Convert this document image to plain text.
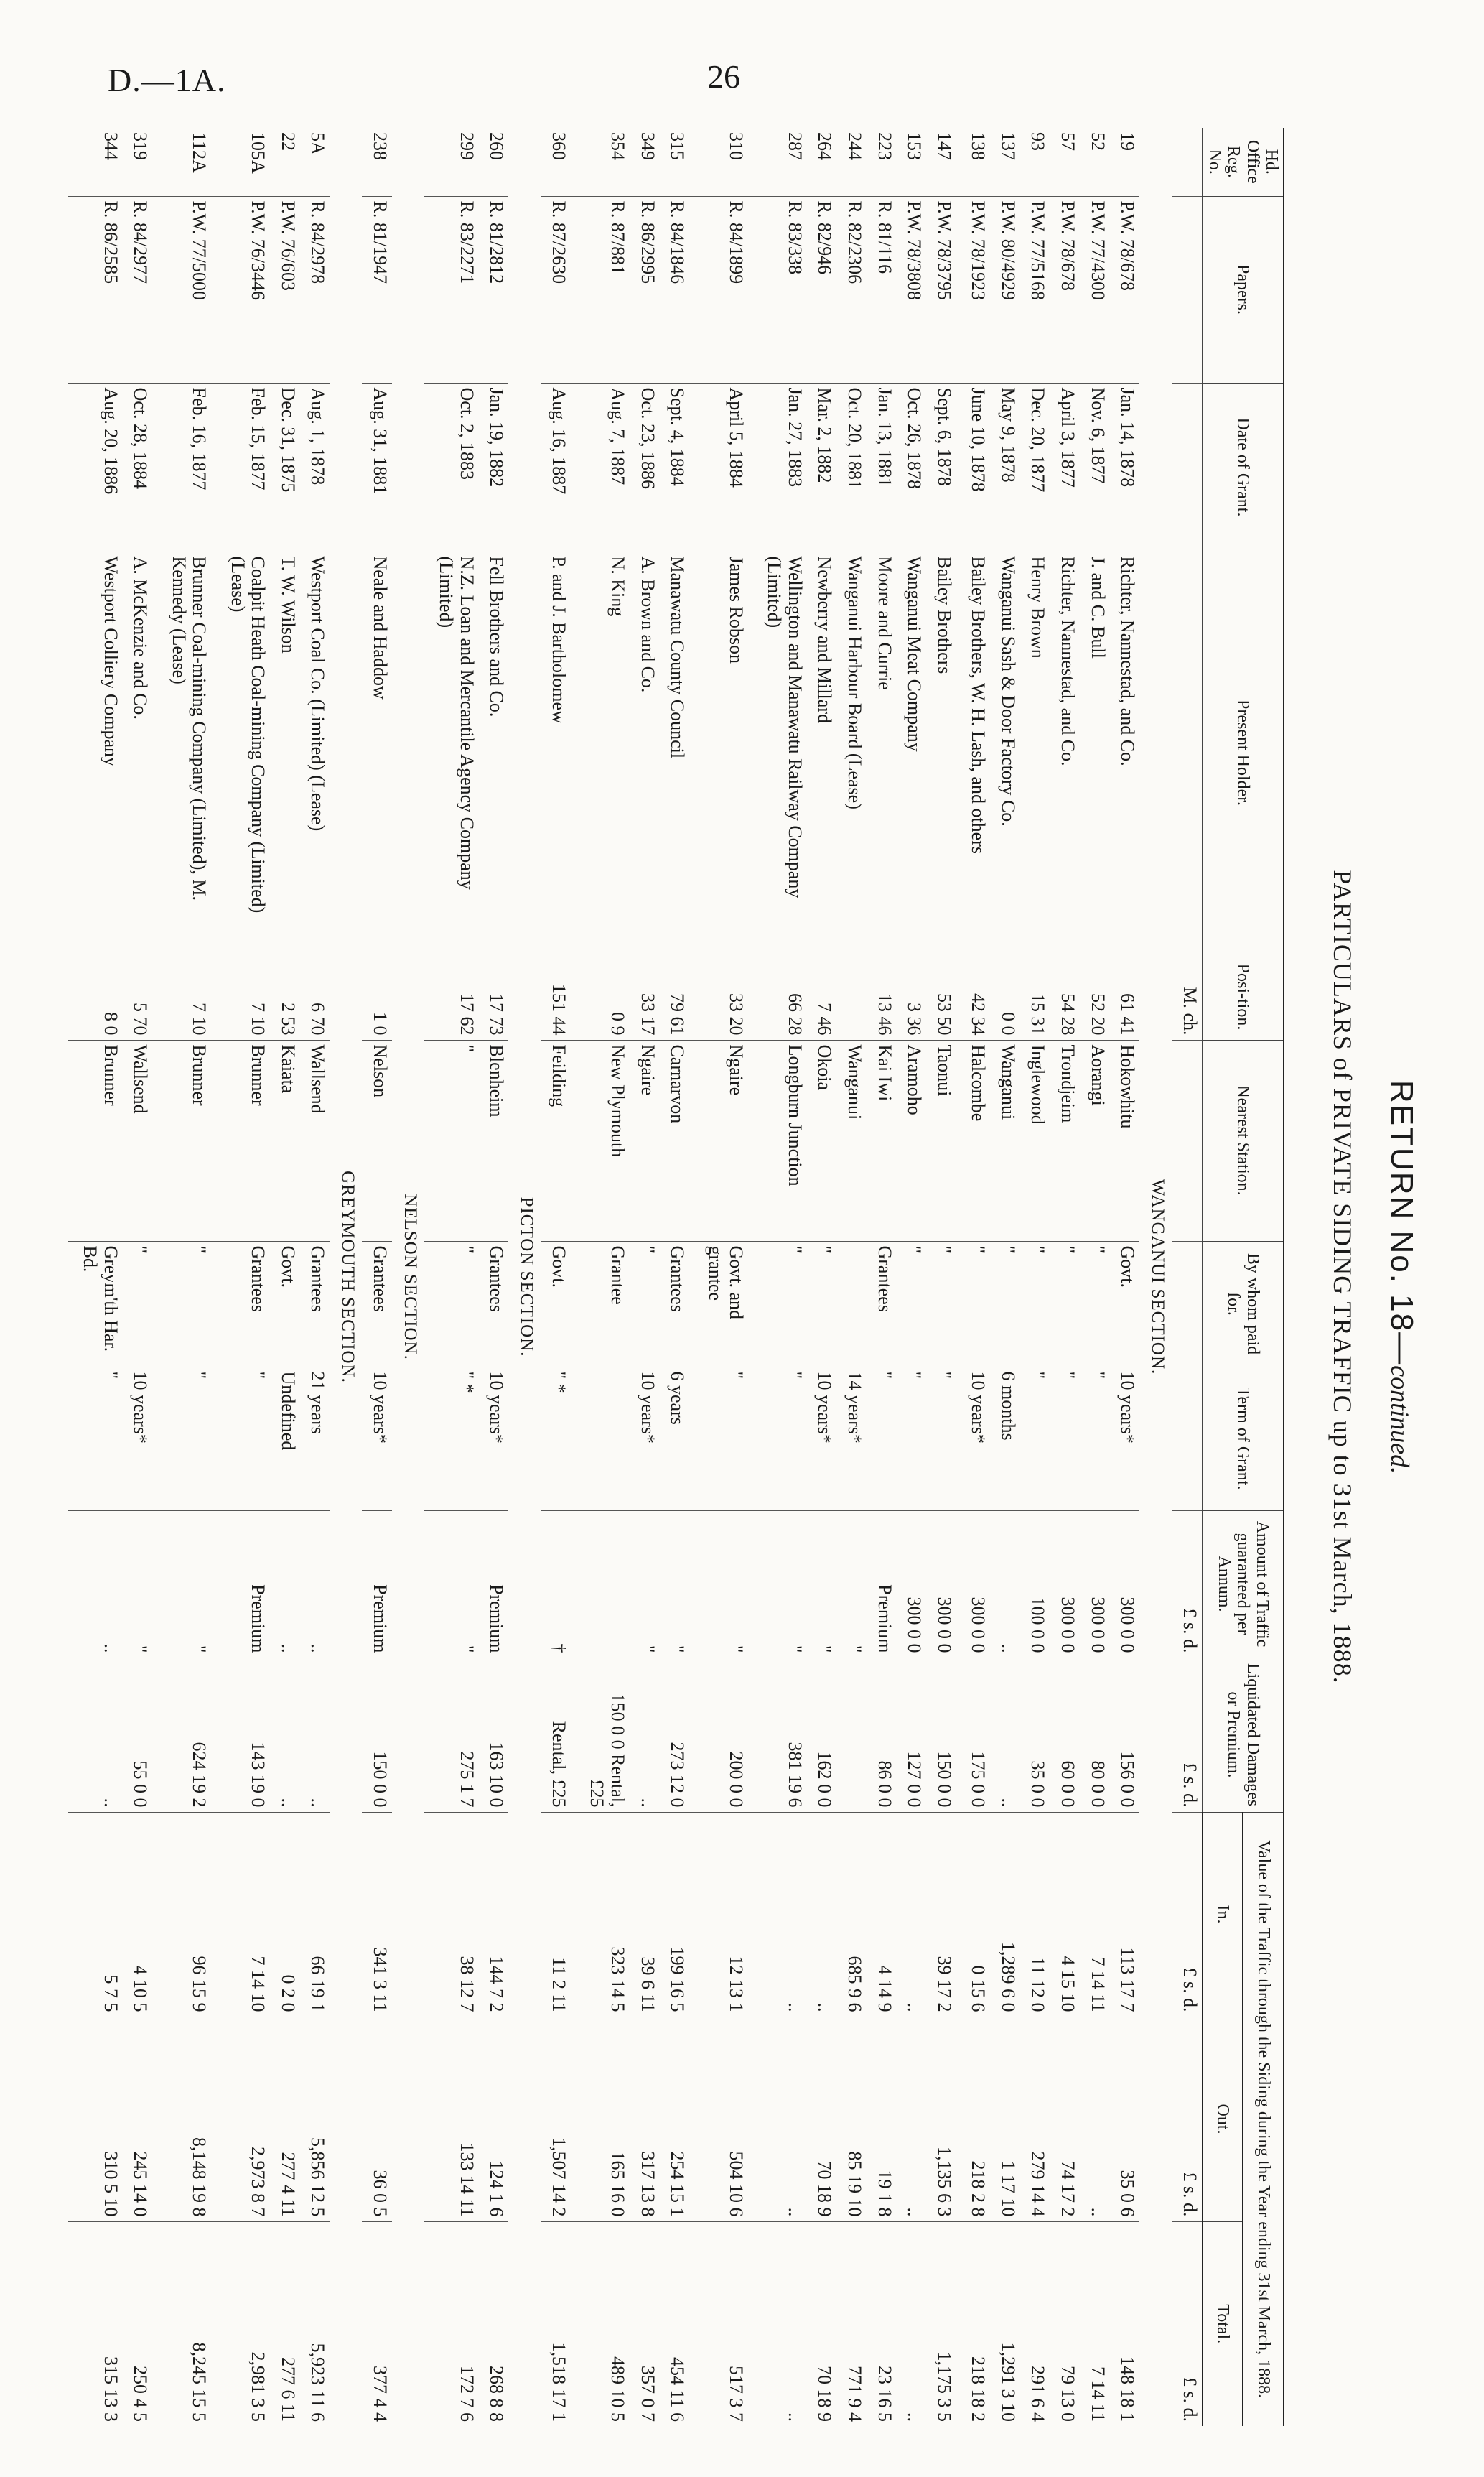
D.—1A.	26
RETURN No. 18—continued.
PARTICULARS of PRIVATE SIDING TRAFFIC up to 31st March, 1888.
Hd. Office Reg. No.	Papers.	Date of Grant.	Present Holder.	Posi-tion.	Nearest Station.	By whom paid for.	Term of Grant.	Amount of Traffic guaranteed per Annum.	Liquidated Damages or Premium.	Value of the Traffic through the Siding during the Year ending 31st March, 1888.		
										In.	Out.	Total.
				M. ch.				£ s. d.	£ s. d.	£ s. d.	£ s. d.	£ s. d.
WANGANUI SECTION.												
19	P.W. 78/678	Jan. 14, 1878	Richter, Nannestad, and Co.	61 41	Hokowhitu	Govt.	10 years*	300 0 0	156 0 0	113 17 7	35 0 6	148 18 1
52	P.W. 77/4300	Nov. 6, 1877	J. and C. Bull	52 20	Aorangi	"	"	300 0 0	80 0 0	7 14 11	..	7 14 11
57	P.W. 78/678	April 3, 1877	Richter, Nannestad, and Co.	54 28	Trondjeim	"	"	300 0 0	60 0 0	4 15 10	74 17 2	79 13 0
93	P.W. 77/5168	Dec. 20, 1877	Henry Brown	15 31	Inglewood	"	"	100 0 0	35 0 0	11 12 0	279 14 4	291 6 4
137	P.W. 80/4929	May 9, 1878	Wanganui Sash & Door Factory Co.	0 0	Wanganui	"	6 months	..	..	1,289 6 0	1 17 10	1,291 3 10
138	P.W. 78/1923	June 10, 1878	Bailey Brothers, W. H. Lash, and others	42 34	Halcombe	"	10 years*	300 0 0	175 0 0	0 15 6	218 2 8	218 18 2

147	P.W. 78/3795	Sept. 6, 1878	Bailey Brothers	53 50	Taonui	"	"	300 0 0	150 0 0	39 17 2	1,135 6 3	1,175 3 5
153	P.W. 78/3808	Oct. 26, 1878	Wanganui Meat Company	3 36	Aramoho	"	"	300 0 0	127 0 0	..	..	..
223	R. 81/116	Jan. 13, 1881	Moore and Currie	13 46	Kai Iwi	Grantees	"	Premium	86 0 0	4 14 9	19 1 8	23 16 5
244	R. 82/2306	Oct. 20, 1881	Wanganui Harbour Board (Lease)		Wanganui		14 years*	"		685 9 6	85 19 10	771 9 4
264	R. 82/946	Mar. 2, 1882	Newberry and Millard	7 46	Okoia	"	10 years*	"	162 0 0	..	70 18 9	70 18 9
287	R. 83/338	Jan. 27, 1883	Wellington and Manawatu Railway Company (Limited)	66 28	Longburn Junction	"	"	"	381 19 6	..	..	..

310	R. 84/1899	April 5, 1884	James Robson	33 20	Ngaire	Govt. and grantee	"	"	200 0 0	12 13 1	504 10 6	517 3 7

315	R. 84/1846	Sept. 4, 1884	Manawatu County Council	79 61	Carnarvon	Grantees	6 years	"	273 12 0	199 16 5	254 15 1	454 11 6
349	R. 86/2995	Oct. 23, 1886	A. Brown and Co.	33 17	Ngaire	"	10 years*	"	..	39 6 11	317 13 8	357 0 7
354	R. 87/881	Aug. 7, 1887	N. King	0 9	New Plymouth	Grantee			150 0 0 Rental, £25	323 14 5	165 16 0	489 10 5

360	R. 87/2630	Aug. 16, 1887	P. and J. Bartholomew	151 44	Feilding	Govt.	" *	†	Rental, £25	11 2 11	1,507 14 2	1,518 17 1
PICTON SECTION.												
260	R. 81/2812	Jan. 19, 1882	Fell Brothers and Co.	17 73	Blenheim	Grantees	10 years*	Premium	163 10 0	144 7 2	124 1 6	268 8 8
299	R. 83/2271	Oct. 2, 1883	N.Z. Loan and Mercantile Agency Company (Limited)	17 62	"	"	" *	"	275 1 7	38 12 7	133 14 11	172 7 6
NELSON SECTION.												
238	R. 81/1947	Aug. 31, 1881	Neale and Haddow	1 0	Nelson	Grantees	10 years*	Premium	150 0 0	341 3 11	36 0 5	377 4 4
GREYMOUTH SECTION.												
5A	R. 84/2978	Aug. 1, 1878	Westport Coal Co. (Limited) (Lease)	6 70	Wallsend	Grantees	21 years	..	..	66 19 1	5,856 12 5	5,923 11 6
22	P.W. 76/603	Dec. 31, 1875	T. W. Wilson	2 53	Kaiata	Govt.	Undefined	..	..	0 2 0	277 4 11	277 6 11
105A	P.W. 76/3446	Feb. 15, 1877	Coalpit Heath Coal-mining Company (Limited) (Lease)	7 10	Brunner	Grantees	"	Premium	143 19 0	7 14 10	2,973 8 7	2,981 3 5

112A	P.W. 77/5000	Feb. 16, 1877	Brunner Coal-mining Company (Limited), M. Kennedy (Lease)	7 10	Brunner	"	"	"	624 19 2	96 15 9	8,148 19 8	8,245 15 5

319	R. 84/2977	Oct. 28, 1884	A. McKenzie and Co.	5 70	Wallsend	"	10 years*	"	55 0 0	4 10 5	245 14 0	250 4 5
344	R. 86/2585	Aug. 20, 1886	Westport Colliery Company	8 0	Brunner	Greym'th Har. Bd.	"	..	..	5 7 5	310 5 10	315 13 3
